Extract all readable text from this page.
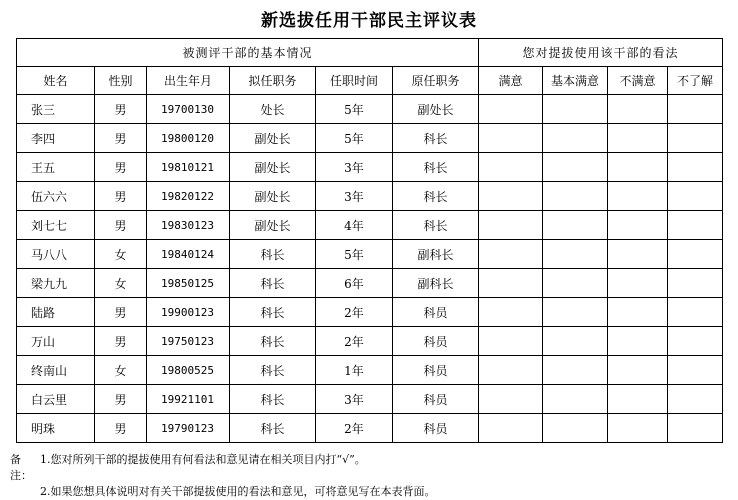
新选拔任用干部民主评议表
被测评干部的基本情况						您对提拔使用该干部的看法			
姓名	性别	出生年月	拟任职务	任职时间	原任职务	满意	基本满意	不满意	不了解
张三	男	19700130	处长	5年	副处长				
李四	男	19800120	副处长	5年	科长				
王五	男	19810121	副处长	3年	科长				
伍六六	男	19820122	副处长	3年	科长				
刘七七	男	19830123	副处长	4年	科长				
马八八	女	19840124	科长	5年	副科长				
梁九九	女	19850125	科长	6年	副科长				
陆路	男	19900123	科长	2年	科员				
万山	男	19750123	科长	2年	科员				
终南山	女	19800525	科长	1年	科员				
白云里	男	19921101	科长	3年	科员				
明珠	男	19790123	科长	2年	科员				
备注：
1.您对所列干部的提拔使用有何看法和意见请在相关项目内打“√”。
2.如果您想具体说明对有关干部提拔使用的看法和意见，可将意见写在本表背面。
